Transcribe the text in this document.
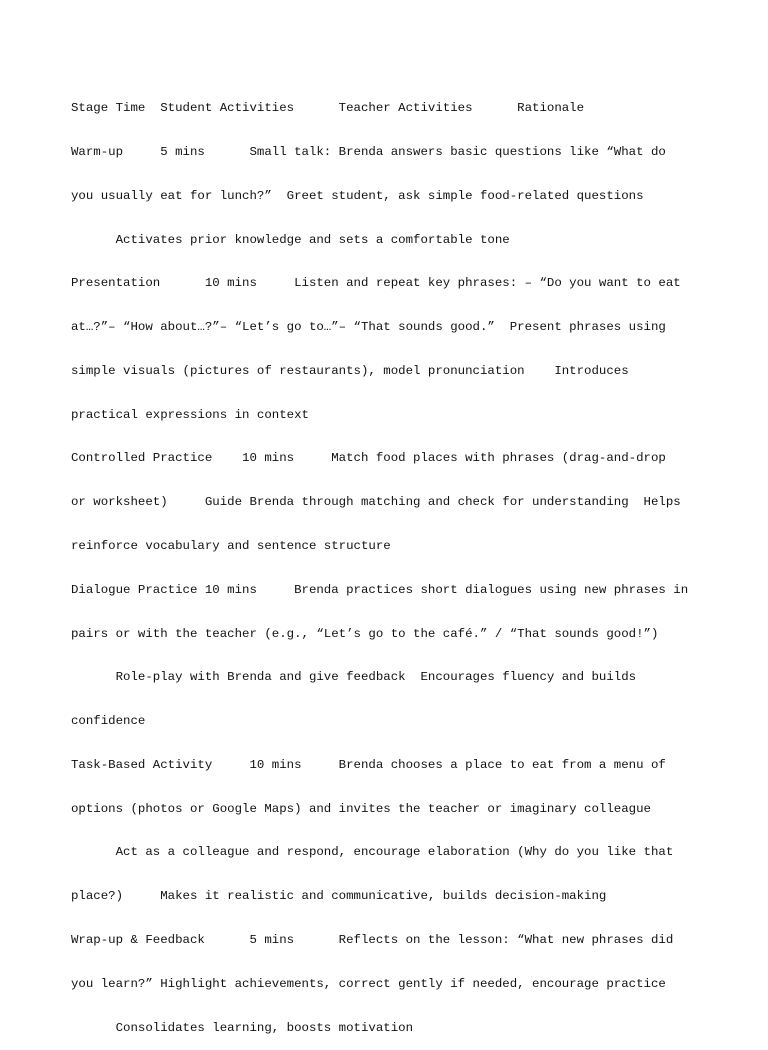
Stage Time  Student Activities      Teacher Activities      Rationale

Warm-up     5 mins      Small talk: Brenda answers basic questions like “What do

you usually eat for lunch?”  Greet student, ask simple food-related questions

Activates prior knowledge and sets a comfortable tone

Presentation      10 mins     Listen and repeat key phrases: – “Do you want to eat

at…?”– “How about…?”– “Let’s go to…”– “That sounds good.”  Present phrases using

simple visuals (pictures of restaurants), model pronunciation    Introduces

practical expressions in context

Controlled Practice    10 mins     Match food places with phrases (drag-and-drop

or worksheet)     Guide Brenda through matching and check for understanding  Helps

reinforce vocabulary and sentence structure

Dialogue Practice 10 mins     Brenda practices short dialogues using new phrases in

pairs or with the teacher (e.g., “Let’s go to the café.” / “That sounds good!”)

Role-play with Brenda and give feedback  Encourages fluency and builds

confidence

Task-Based Activity     10 mins     Brenda chooses a place to eat from a menu of

options (photos or Google Maps) and invites the teacher or imaginary colleague

Act as a colleague and respond, encourage elaboration (Why do you like that

place?)     Makes it realistic and communicative, builds decision-making

Wrap-up & Feedback      5 mins      Reflects on the lesson: “What new phrases did

you learn?” Highlight achievements, correct gently if needed, encourage practice

Consolidates learning, boosts motivation
